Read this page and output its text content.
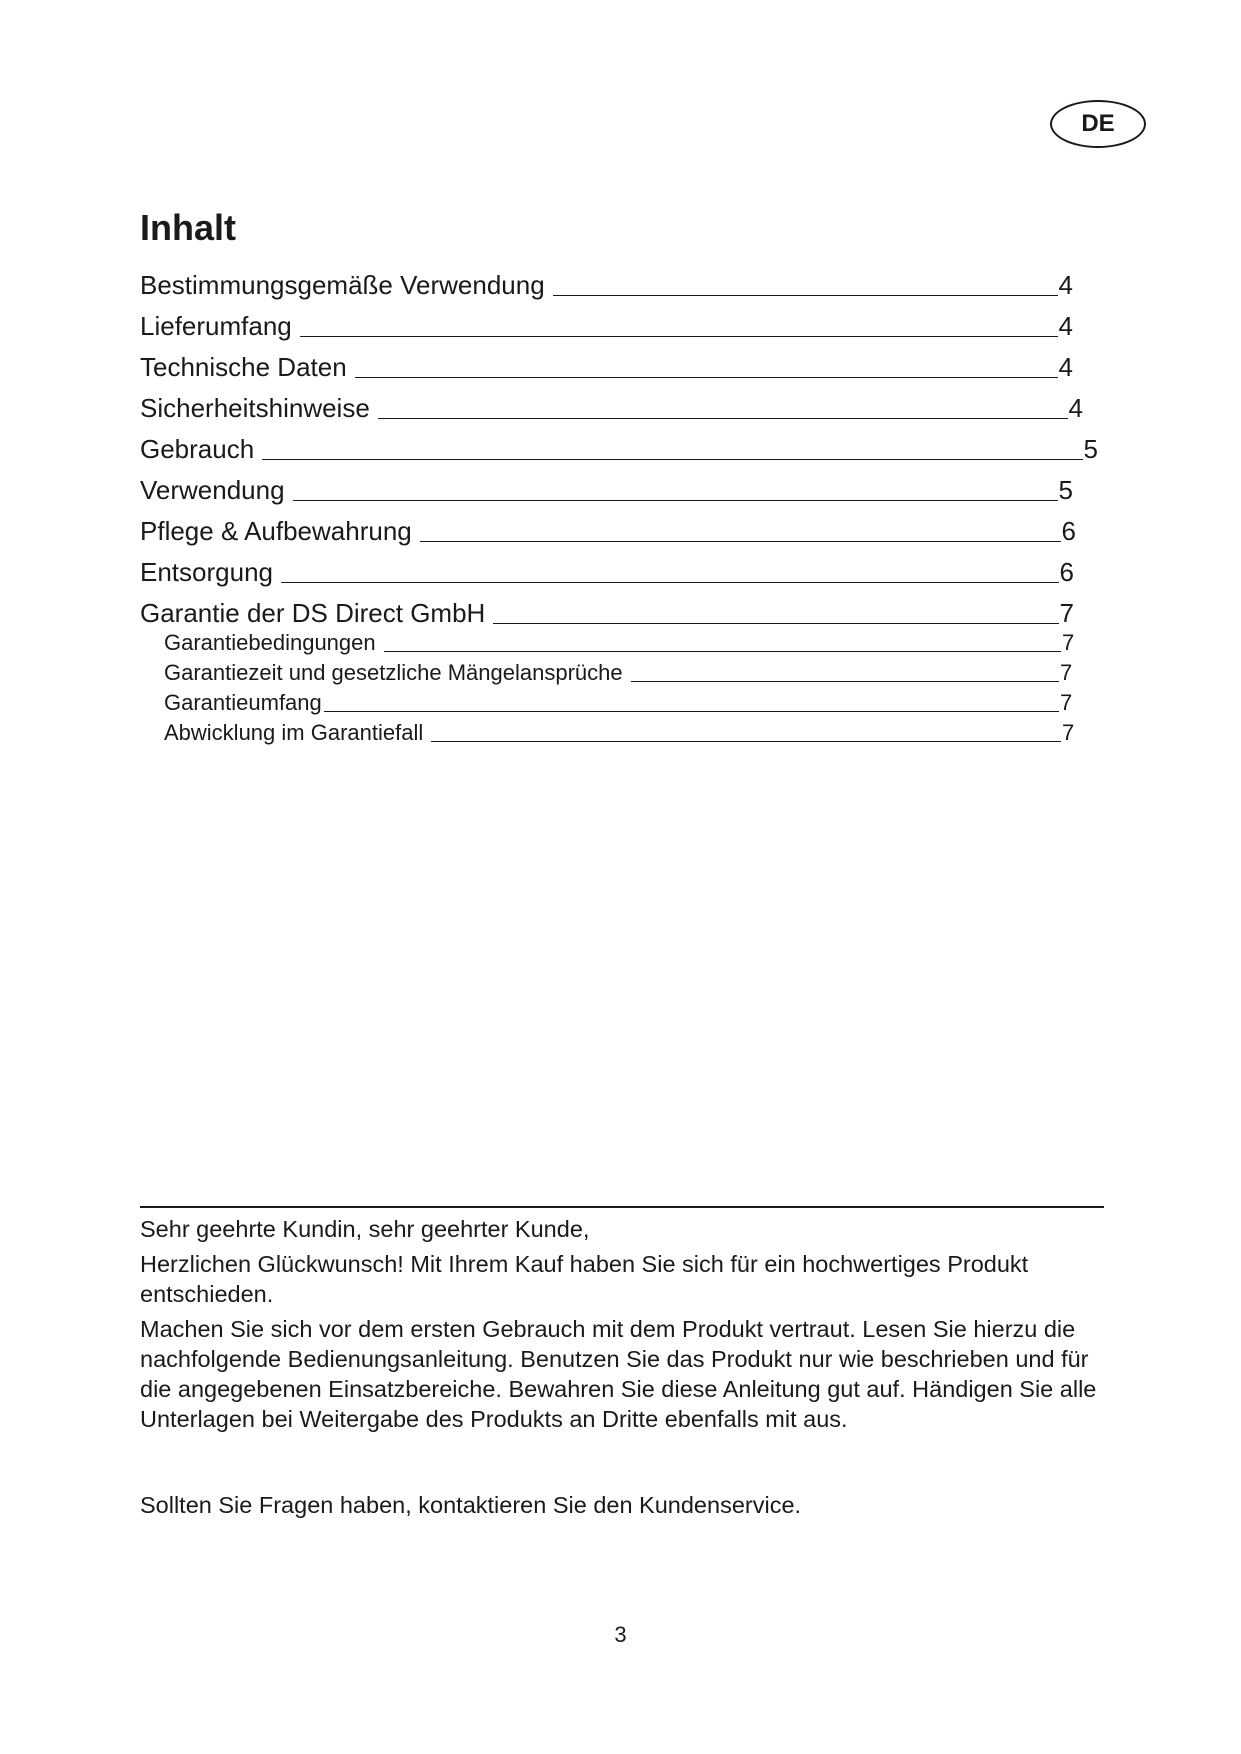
DE
Inhalt
Bestimmungsgemäße Verwendung	4
Lieferumfang	4
Technische Daten	4
Sicherheitshinweise	4
Gebrauch	5
Verwendung	5
Pflege & Aufbewahrung	6
Entsorgung	6
Garantie der DS Direct GmbH	7
Garantiebedingungen	7
Garantiezeit und gesetzliche Mängelansprüche	7
Garantieumfang	7
Abwicklung im Garantiefall	7

Sehr geehrte Kundin, sehr geehrter Kunde,

Herzlichen Glückwunsch! Mit Ihrem Kauf haben Sie sich für ein hochwertiges Produkt entschieden.

Machen Sie sich vor dem ersten Gebrauch mit dem Produkt vertraut. Lesen Sie hierzu die nachfolgende Bedienungsanleitung. Benutzen Sie das Produkt nur wie beschrieben und für die angegebenen Einsatzbereiche. Bewahren Sie diese Anleitung gut auf. Händigen Sie alle Unterlagen bei Weitergabe des Produkts an Dritte ebenfalls mit aus.

Sollten Sie Fragen haben, kontaktieren Sie den Kundenservice.

3
